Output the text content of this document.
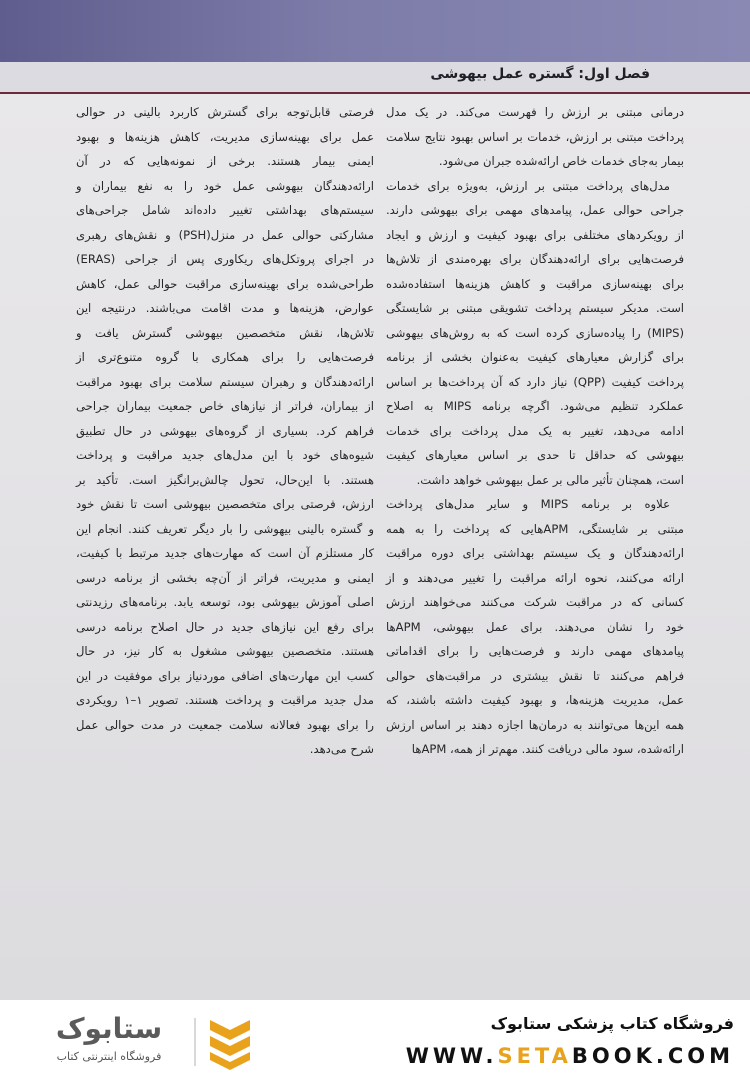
فصل اول: گستره عمل بیهوشی
درمانی مبتنی بر ارزش را فهرست می‌کند. در یک مدل
پرداخت مبتنی بر ارزش، خدمات بر اساس بهبود نتایج سلامت
بیمار به‌جای خدمات خاص ارائه‌شده جبران می‌شود.
مدل‌های پرداخت مبتنی بر ارزش، به‌ویژه برای خدمات
جراحی حوالی عمل، پیامدهای مهمی برای بیهوشی دارند.
از رویکردهای مختلفی برای بهبود کیفیت و ارزش و ایجاد
فرصت‌هایی برای ارائه‌دهندگان برای بهره‌مندی از تلاش‌ها
برای بهینه‌سازی مراقبت و کاهش هزینه‌ها استفاده‌شده
است. مدیکر سیستم پرداخت تشویقی مبتنی بر شایستگی
(MIPS) را پیاده‌سازی کرده است که به روش‌های بیهوشی
برای گزارش معیارهای کیفیت به‌عنوان بخشی از برنامه
پرداخت کیفیت (QPP) نیاز دارد که آن پرداخت‌ها بر اساس
عملکرد تنظیم می‌شود. اگرچه برنامه MIPS به اصلاح
ادامه می‌دهد، تغییر به یک مدل پرداخت برای خدمات
بیهوشی که حداقل تا حدی بر اساس معیارهای کیفیت
است، همچنان تأثیر مالی بر عمل بیهوشی خواهد داشت.
علاوه بر برنامه MIPS و سایر مدل‌های پرداخت
مبتنی بر شایستگی، APMهایی که پرداخت را به همه
ارائه‌دهندگان و یک سیستم بهداشتی برای دوره مراقبت
ارائه می‌کنند، نحوه ارائه مراقبت را تغییر می‌دهند و از
کسانی که در مراقبت شرکت می‌کنند می‌خواهند ارزش
خود را نشان می‌دهند. برای عمل بیهوشی، APMها
پیامدهای مهمی دارند و فرصت‌هایی را برای اقداماتی
فراهم می‌کنند تا نقش بیشتری در مراقبت‌های حوالی
عمل، مدیریت هزینه‌ها، و بهبود کیفیت داشته باشند، که
همه این‌ها می‌توانند به درمان‌ها اجازه دهند بر اساس ارزش
ارائه‌شده، سود مالی دریافت کنند. مهم‌تر از همه، APMها
فرصتی قابل‌توجه برای گسترش کاربرد بالینی در حوالی
عمل برای بهینه‌سازی مدیریت، کاهش هزینه‌ها و بهبود
ایمنی بیمار هستند. برخی از نمونه‌هایی که در آن
ارائه‌دهندگان بیهوشی عمل خود را به نفع بیماران و
سیستم‌های بهداشتی تغییر داده‌اند شامل جراحی‌های
مشارکتی حوالی عمل در منزل(PSH) و نقش‌های رهبری
در اجرای پروتکل‌های ریکاوری پس از جراحی (ERAS)
طراحی‌شده برای بهینه‌سازی مراقبت حوالی عمل، کاهش
عوارض، هزینه‌ها و مدت اقامت می‌باشند. درنتیجه این
تلاش‌ها، نقش متخصصین بیهوشی گسترش یافت و
فرصت‌هایی را برای همکاری با گروه متنوع‌تری از
ارائه‌دهندگان و رهبران سیستم سلامت برای بهبود مراقبت
از بیماران، فراتر از نیازهای خاص جمعیت بیماران جراحی
فراهم کرد. بسیاری از گروه‌های بیهوشی در حال تطبیق
شیوه‌های خود با این مدل‌های جدید مراقبت و پرداخت
هستند. با این‌حال، تحول چالش‌برانگیز است. تأکید بر
ارزش، فرصتی برای متخصصین بیهوشی است تا نقش خود
و گستره بالینی بیهوشی را بار دیگر تعریف کنند. انجام این
کار مستلزم آن است که مهارت‌های جدید مرتبط با کیفیت،
ایمنی و مدیریت، فراتر از آن‌چه بخشی از برنامه درسی
اصلی آموزش بیهوشی بود، توسعه یابد. برنامه‌های رزیدنتی
برای رفع این نیازهای جدید در حال اصلاح برنامه درسی
هستند. متخصصین بیهوشی مشغول به کار نیز، در حال
کسب این مهارت‌های اضافی موردنیاز برای موفقیت در این
مدل جدید مراقبت و پرداخت هستند. تصویر ۱–۱ رویکردی
را برای بهبود فعالانه سلامت جمعیت در مدت حوالی عمل
شرح می‌دهد.
ستابوک
فروشگاه اینترنتی کتاب
فروشگاه کتاب پزشکی ستابوک
WWW.SETABOOK.COM
